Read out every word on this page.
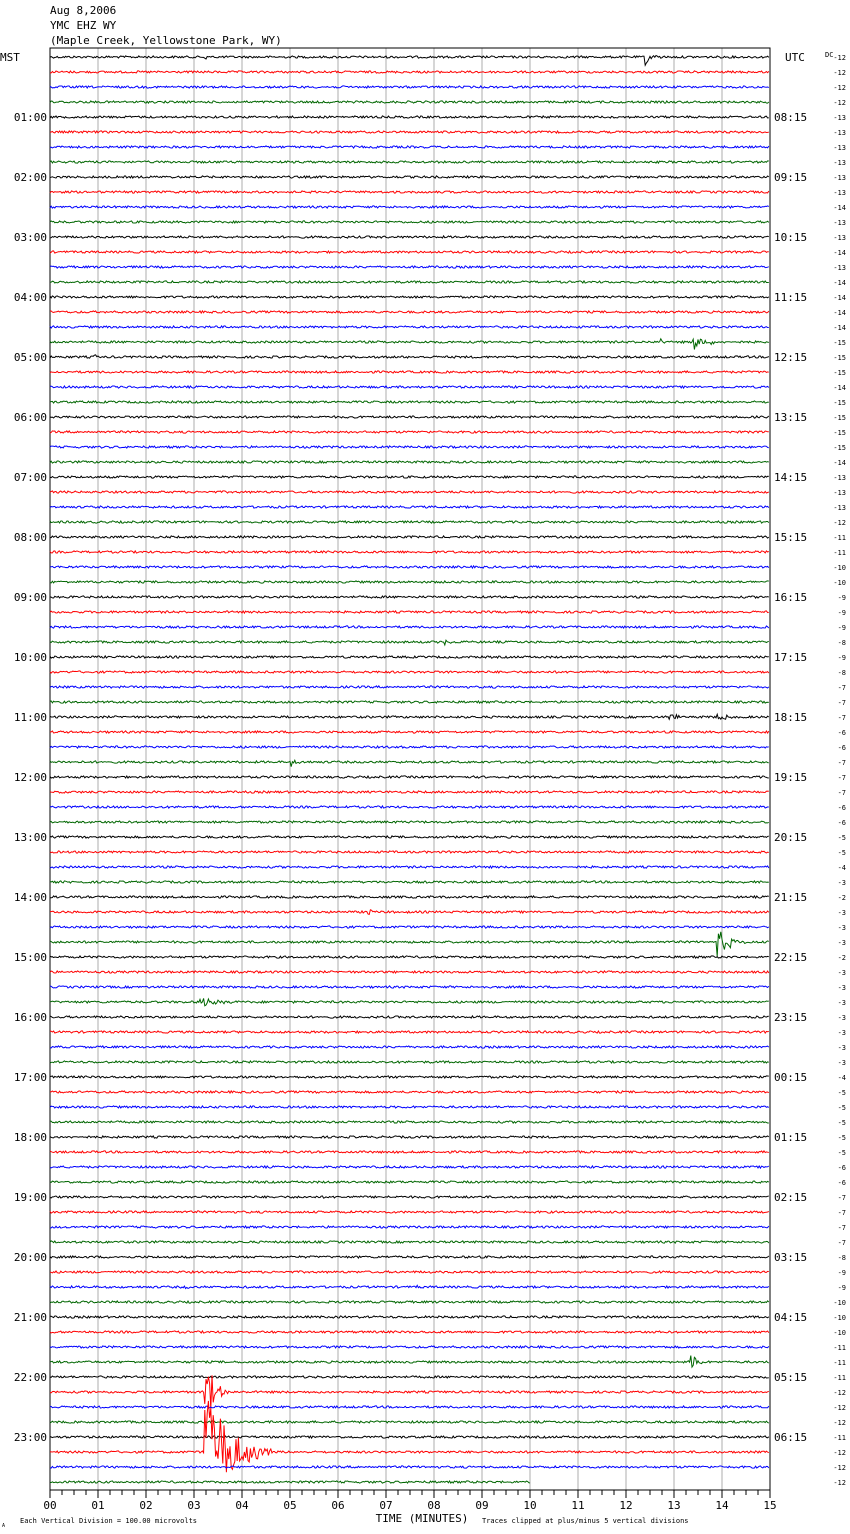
Aug 8,2006
YMC EHZ WY
(Maple Creek, Yellowstone Park, WY)
-12
-12
-12
-12
-13
-13
-13
-13
-13
-13
-14
-13
-13
-14
-13
-14
-14
-14
-14
-15
-15
-15
-14
-15
-15
-15
-15
-14
-13
-13
-13
-12
-11
-11
-10
-10
-9
-9
-9
-8
-9
-8
-7
-7
-7
-6
-6
-7
-7
-7
-6
-6
-5
-5
-4
-3
-2
-3
-3
-3
-2
-3
-3
-3
-3
-3
-3
-3
-4
-5
-5
-5
-5
-5
-6
-6
-7
-7
-7
-7
-8
-9
-9
-10
-10
-10
-11
-11
-11
-12
-12
-12
-11
-12
-12
-12
MST	UTC	DC
01:00
02:00
03:00
04:00
05:00
06:00
07:00
08:00
09:00
10:00
11:00
12:00
13:00
14:00
15:00
16:00
17:00
18:00
19:00
20:00
21:00
22:00
23:00
08:15
09:15
10:15
11:15
12:15
13:15
14:15
15:15
16:15
17:15
18:15
19:15
20:15
21:15
22:15
23:15
00:15
01:15
02:15
03:15
04:15
05:15
06:15
00	01	02	03	04	05	06	07	08	09	10	11	12	13	14	15
TIME (MINUTES)
Each Vertical Division = 100.00 microvolts	Traces clipped at plus/minus 5 vertical divisions
A
